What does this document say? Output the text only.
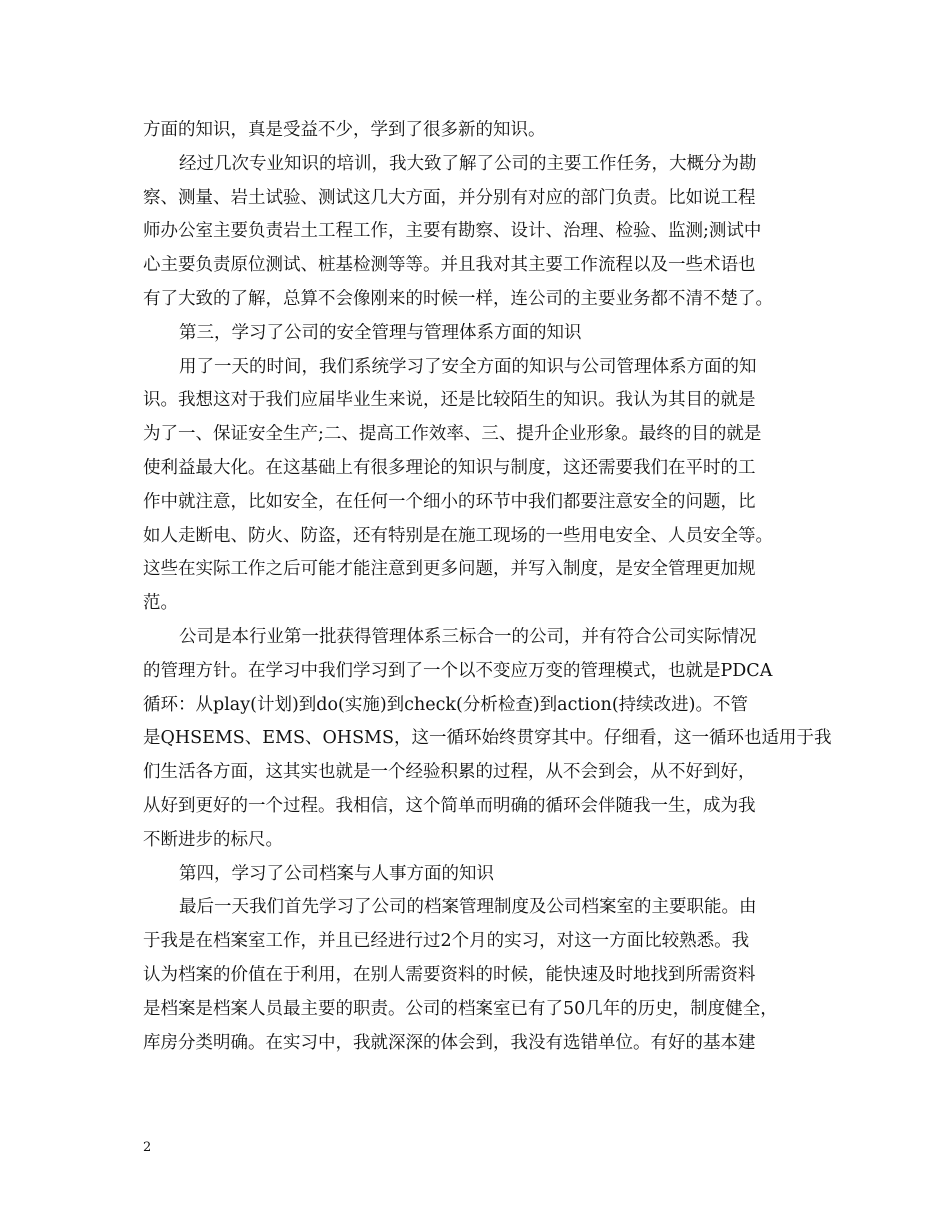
方面的知识，真是受益不少，学到了很多新的知识。
经过几次专业知识的培训，我大致了解了公司的主要工作任务，大概分为勘
察、测量、岩土试验、测试这几大方面，并分别有对应的部门负责。比如说工程
师办公室主要负责岩土工程工作，主要有勘察、设计、治理、检验、监测;测试中
心主要负责原位测试、桩基检测等等。并且我对其主要工作流程以及一些术语也
有了大致的了解，总算不会像刚来的时候一样，连公司的主要业务都不清不楚了。
第三，学习了公司的安全管理与管理体系方面的知识
用了一天的时间，我们系统学习了安全方面的知识与公司管理体系方面的知
识。我想这对于我们应届毕业生来说，还是比较陌生的知识。我认为其目的就是
为了一、保证安全生产;二、提高工作效率、三、提升企业形象。最终的目的就是
使利益最大化。在这基础上有很多理论的知识与制度，这还需要我们在平时的工
作中就注意，比如安全，在任何一个细小的环节中我们都要注意安全的问题，比
如人走断电、防火、防盗，还有特别是在施工现场的一些用电安全、人员安全等。
这些在实际工作之后可能才能注意到更多问题，并写入制度，是安全管理更加规
范。
公司是本行业第一批获得管理体系三标合一的公司，并有符合公司实际情况
的管理方针。在学习中我们学习到了一个以不变应万变的管理模式，也就是PDCA
循环：从play(计划)到do(实施)到check(分析检查)到action(持续改进)。不管
是QHSEMS、EMS、OHSMS，这一循环始终贯穿其中。仔细看，这一循环也适用于我
们生活各方面，这其实也就是一个经验积累的过程，从不会到会，从不好到好，
从好到更好的一个过程。我相信，这个简单而明确的循环会伴随我一生，成为我
不断进步的标尺。
第四，学习了公司档案与人事方面的知识
最后一天我们首先学习了公司的档案管理制度及公司档案室的主要职能。由
于我是在档案室工作，并且已经进行过2个月的实习，对这一方面比较熟悉。我
认为档案的价值在于利用，在别人需要资料的时候，能快速及时地找到所需资料
是档案是档案人员最主要的职责。公司的档案室已有了50几年的历史，制度健全，
库房分类明确。在实习中，我就深深的体会到，我没有选错单位。有好的基本建
2
